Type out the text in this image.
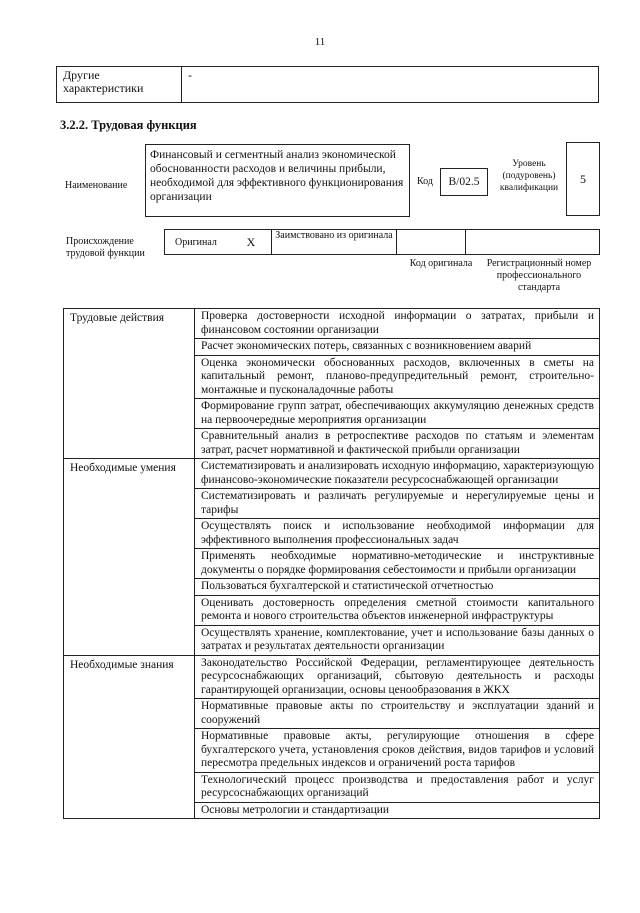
11
Другие характеристики	-
3.2.2. Трудовая функция
Наименование
Финансовый и сегментный анализ экономической обоснованности расходов и величины прибыли, необходимой для эффективного функционирования организации
Код	B/02.5
Уровень (подуровень) квалификации
5
Происхождение трудовой функции
Оригинал	X	Заимствовано из оригинала		
Код оригинала	Регистрационный номер профессионального стандарта
Трудовые действия	Проверка достоверности исходной информации о затратах, прибыли и финансовом состоянии организации
	Расчет экономических потерь, связанных с возникновением аварий
	Оценка экономически обоснованных расходов, включенных в сметы на капитальный ремонт, планово-предупредительный ремонт, строительно-монтажные и пусконаладочные работы
	Формирование групп затрат, обеспечивающих аккумуляцию денежных средств на первоочередные мероприятия организации
	Сравнительный анализ в ретроспективе расходов по статьям и элементам затрат, расчет нормативной и фактической прибыли организации
Необходимые умения	Систематизировать и анализировать исходную информацию, характеризующую финансово-экономические показатели ресурсоснабжающей организации
	Систематизировать и различать регулируемые и нерегулируемые цены и тарифы
	Осуществлять поиск и использование необходимой информации для эффективного выполнения профессиональных задач
	Применять необходимые нормативно-методические и инструктивные документы о порядке формирования себестоимости и прибыли организации
	Пользоваться бухгалтерской и статистической отчетностью
	Оценивать достоверность определения сметной стоимости капитального ремонта и нового строительства объектов инженерной инфраструктуры
	Осуществлять хранение, комплектование, учет и использование базы данных о затратах и результатах деятельности организации
Необходимые знания	Законодательство Российской Федерации, регламентирующее деятельность ресурсоснабжающих организаций, сбытовую деятельность и расходы гарантирующей организации, основы ценообразования в ЖКХ
	Нормативные правовые акты по строительству и эксплуатации зданий и сооружений
	Нормативные правовые акты, регулирующие отношения в сфере бухгалтерского учета, установления сроков действия, видов тарифов и условий пересмотра предельных индексов и ограничений роста тарифов
	Технологический процесс производства и предоставления работ и услуг ресурсоснабжающих организаций
	Основы метрологии и стандартизации
